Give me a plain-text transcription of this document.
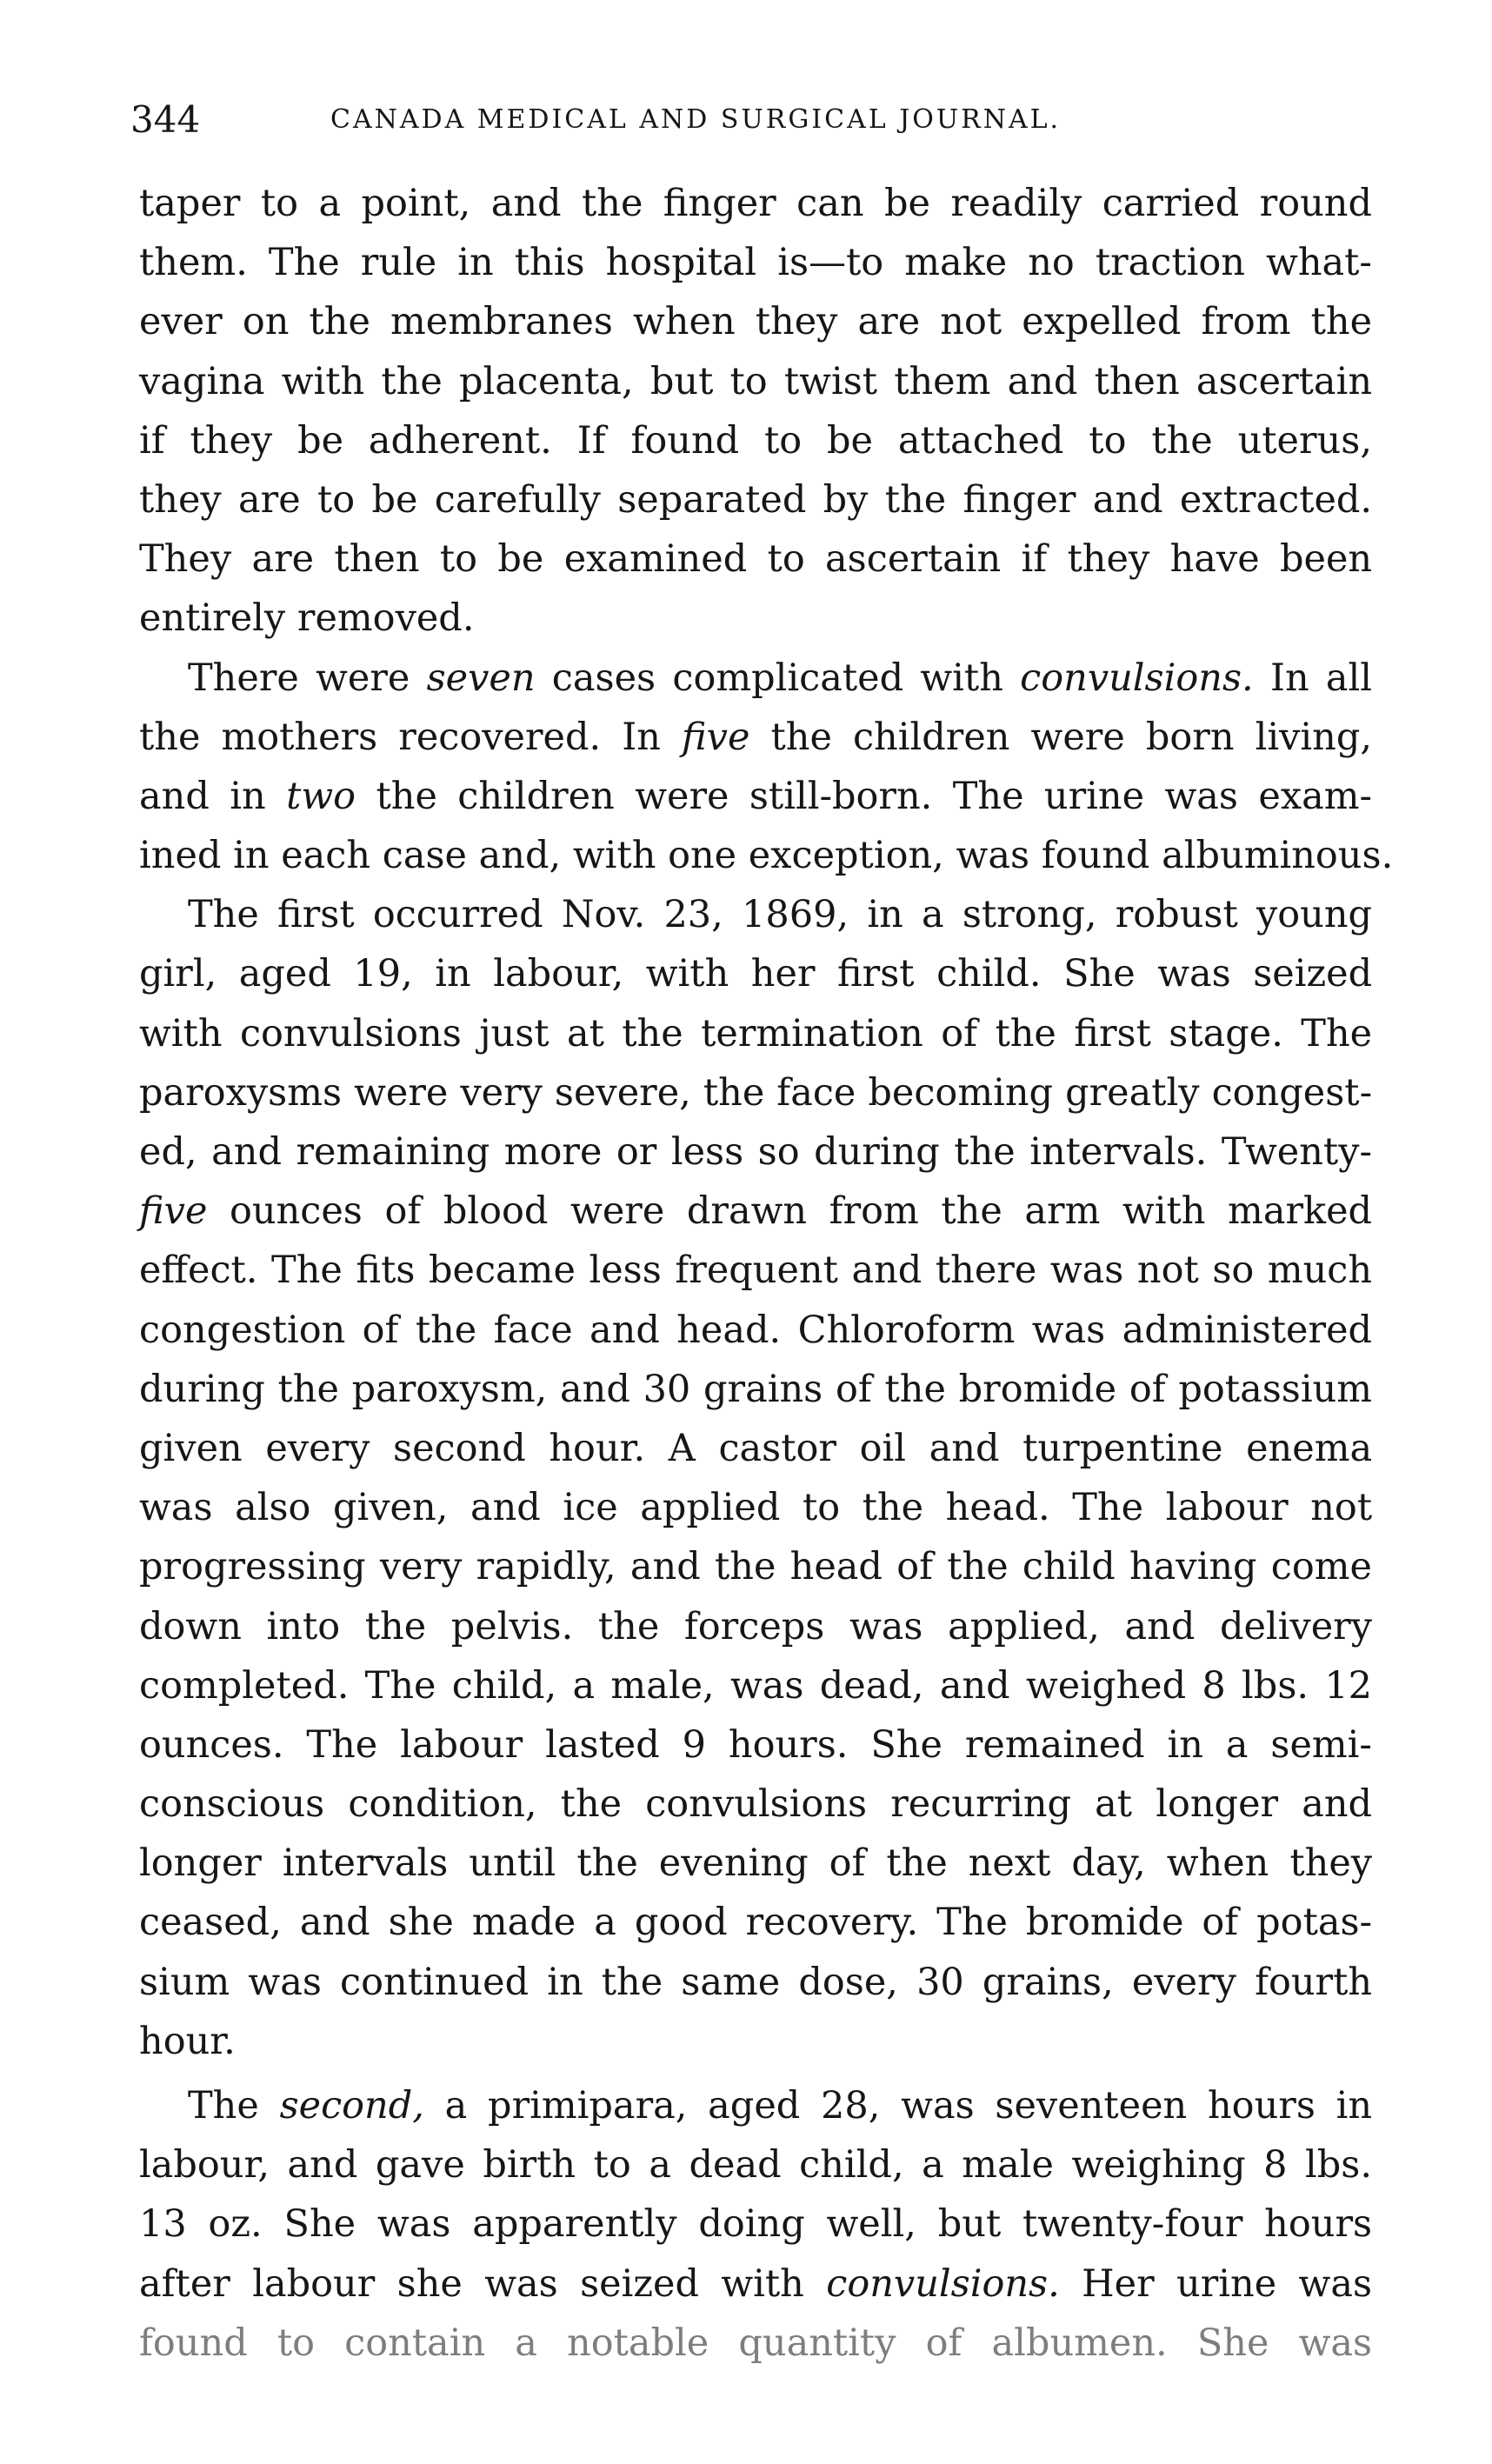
344	CANADA MEDICAL AND SURGICAL JOURNAL.
taper to a point, and the finger can be readily carried round
them. The rule in this hospital is—to make no traction what-
ever on the membranes when they are not expelled from the
vagina with the placenta, but to twist them and then ascertain
if they be adherent. If found to be attached to the uterus,
they are to be carefully separated by the finger and extracted.
They are then to be examined to ascertain if they have been
entirely removed.
There were seven cases complicated with convulsions. In all
the mothers recovered. In five the children were born living,
and in two the children were still-born. The urine was exam-
ined in each case and, with one exception, was found albuminous.
The first occurred Nov. 23, 1869, in a strong, robust young
girl, aged 19, in labour, with her first child. She was seized
with convulsions just at the termination of the first stage. The
paroxysms were very severe, the face becoming greatly congest-
ed, and remaining more or less so during the intervals. Twenty-
five ounces of blood were drawn from the arm with marked
effect. The fits became less frequent and there was not so much
congestion of the face and head. Chloroform was administered
during the paroxysm, and 30 grains of the bromide of potassium
given every second hour. A castor oil and turpentine enema
was also given, and ice applied to the head. The labour not
progressing very rapidly, and the head of the child having come
down into the pelvis. the forceps was applied, and delivery
completed. The child, a male, was dead, and weighed 8 lbs. 12
ounces. The labour lasted 9 hours. She remained in a semi-
conscious condition, the convulsions recurring at longer and
longer intervals until the evening of the next day, when they
ceased, and she made a good recovery. The bromide of potas-
sium was continued in the same dose, 30 grains, every fourth
hour.
The second, a primipara, aged 28, was seventeen hours in
labour, and gave birth to a dead child, a male weighing 8 lbs.
13 oz. She was apparently doing well, but twenty-four hours
after labour she was seized with convulsions. Her urine was
found to contain a notable quantity of albumen. She was
